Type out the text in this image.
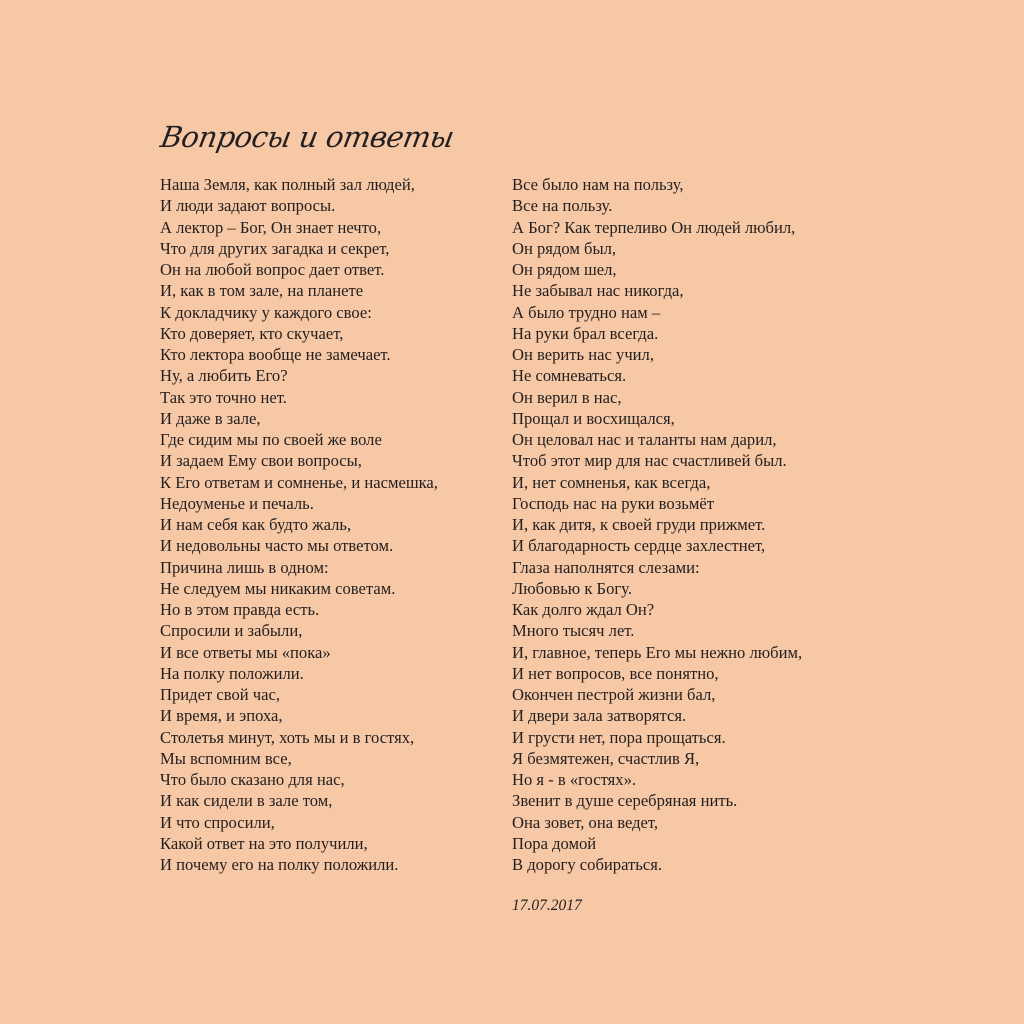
Вопросы и ответы
Наша Земля, как полный зал людей,
И люди задают вопросы.
А лектор – Бог, Он знает нечто,
Что для других загадка и секрет,
Он на любой вопрос дает ответ.
И, как в том зале, на планете
К докладчику у каждого свое:
Кто доверяет, кто скучает,
Кто лектора вообще не замечает.
Ну, а любить Его?
Так это точно нет.
И даже в зале,
Где сидим мы по своей же воле
И задаем Ему свои вопросы,
К Его ответам и сомненье, и насмешка,
Недоуменье и печаль.
И нам себя как будто жаль,
И недовольны часто мы ответом.
Причина лишь в одном:
Не следуем мы никаким советам.
Но в этом правда есть.
Спросили и забыли,
И все ответы мы «пока»
На полку положили.
Придет свой час,
И время, и эпоха,
Столетья минут, хоть мы и в гостях,
Мы вспомним все,
Что было сказано для нас,
И как сидели в зале том,
И что спросили,
Какой ответ на это получили,
И почему его на полку положили.
Все было нам на пользу,
Все на пользу.
А Бог? Как терпеливо Он людей любил,
Он рядом был,
Он рядом шел,
Не забывал нас никогда,
А было трудно нам –
На руки брал всегда.
Он верить нас учил,
Не сомневаться.
Он верил в нас,
Прощал и восхищался,
Он целовал нас и таланты нам дарил,
Чтоб этот мир для нас счастливей был.
И, нет сомненья, как всегда,
Господь нас на руки возьмёт
И, как дитя, к своей груди прижмет.
И благодарность сердце захлестнет,
Глаза наполнятся слезами:
Любовью к Богу.
Как долго ждал Он?
Много тысяч лет.
И, главное, теперь Его мы нежно любим,
И нет вопросов, все понятно,
Окончен пестрой жизни бал,
И двери зала затворятся.
И грусти нет, пора прощаться.
Я безмятежен, счастлив Я,
Но я - в «гостях».
Звенит в душе серебряная нить.
Она зовет, она ведет,
Пора домой
В дорогу собираться.
17.07.2017
